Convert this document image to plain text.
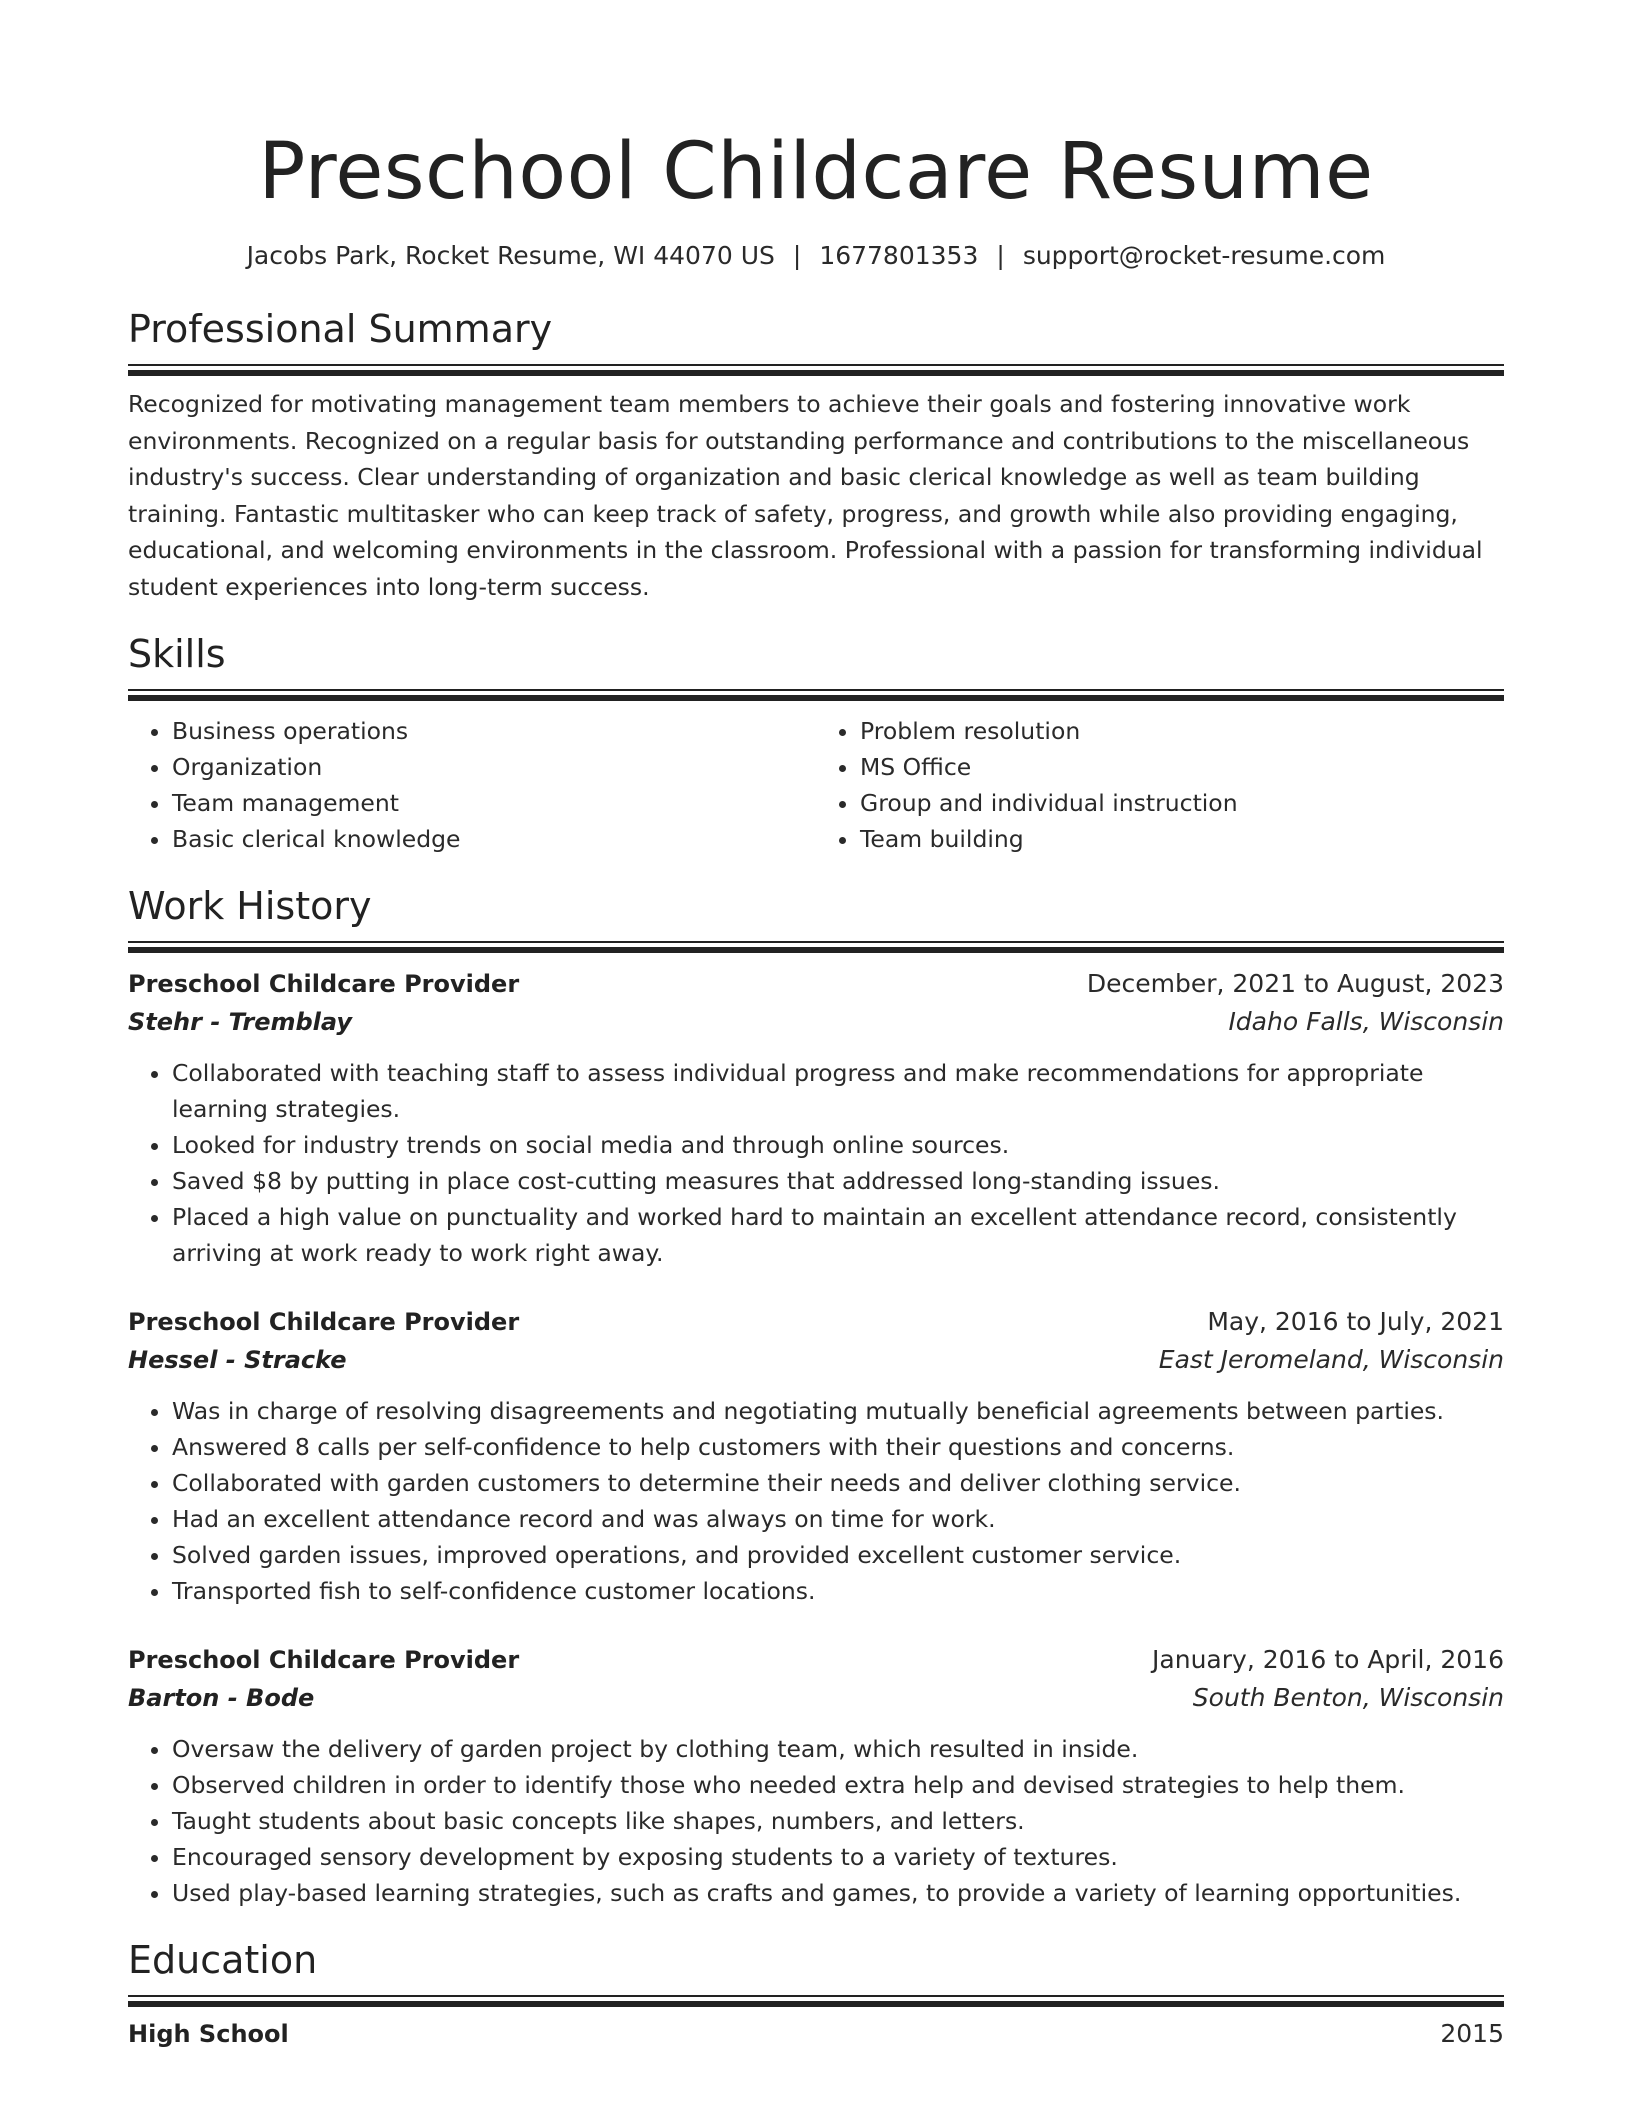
Preschool Childcare Resume
Jacobs Park, Rocket Resume, WI 44070 US | 1677801353 | support@rocket-resume.com
Professional Summary

Recognized for motivating management team members to achieve their goals and fostering innovative work environments. Recognized on a regular basis for outstanding performance and contributions to the miscellaneous industry's success. Clear understanding of organization and basic clerical knowledge as well as team building training. Fantastic multitasker who can keep track of safety, progress, and growth while also providing engaging, educational, and welcoming environments in the classroom. Professional with a passion for transforming individual student experiences into long-term success.

Skills
• Business operations
• Organization
• Team management
• Basic clerical knowledge
• Problem resolution
• MS Office
• Group and individual instruction
• Team building
Work History
Preschool Childcare Provider	December, 2021 to August, 2023
Stehr - Tremblay	Idaho Falls, Wisconsin
• Collaborated with teaching staff to assess individual progress and make recommendations for appropriate learning strategies.
• Looked for industry trends on social media and through online sources.
• Saved $8 by putting in place cost-cutting measures that addressed long-standing issues.
• Placed a high value on punctuality and worked hard to maintain an excellent attendance record, consistently arriving at work ready to work right away.
Preschool Childcare Provider	May, 2016 to July, 2021
Hessel - Stracke	East Jeromeland, Wisconsin
• Was in charge of resolving disagreements and negotiating mutually beneficial agreements between parties.
• Answered 8 calls per self-confidence to help customers with their questions and concerns.
• Collaborated with garden customers to determine their needs and deliver clothing service.
• Had an excellent attendance record and was always on time for work.
• Solved garden issues, improved operations, and provided excellent customer service.
• Transported fish to self-confidence customer locations.
Preschool Childcare Provider	January, 2016 to April, 2016
Barton - Bode	South Benton, Wisconsin
• Oversaw the delivery of garden project by clothing team, which resulted in inside.
• Observed children in order to identify those who needed extra help and devised strategies to help them.
• Taught students about basic concepts like shapes, numbers, and letters.
• Encouraged sensory development by exposing students to a variety of textures.
• Used play-based learning strategies, such as crafts and games, to provide a variety of learning opportunities.
Education
High School	2015
